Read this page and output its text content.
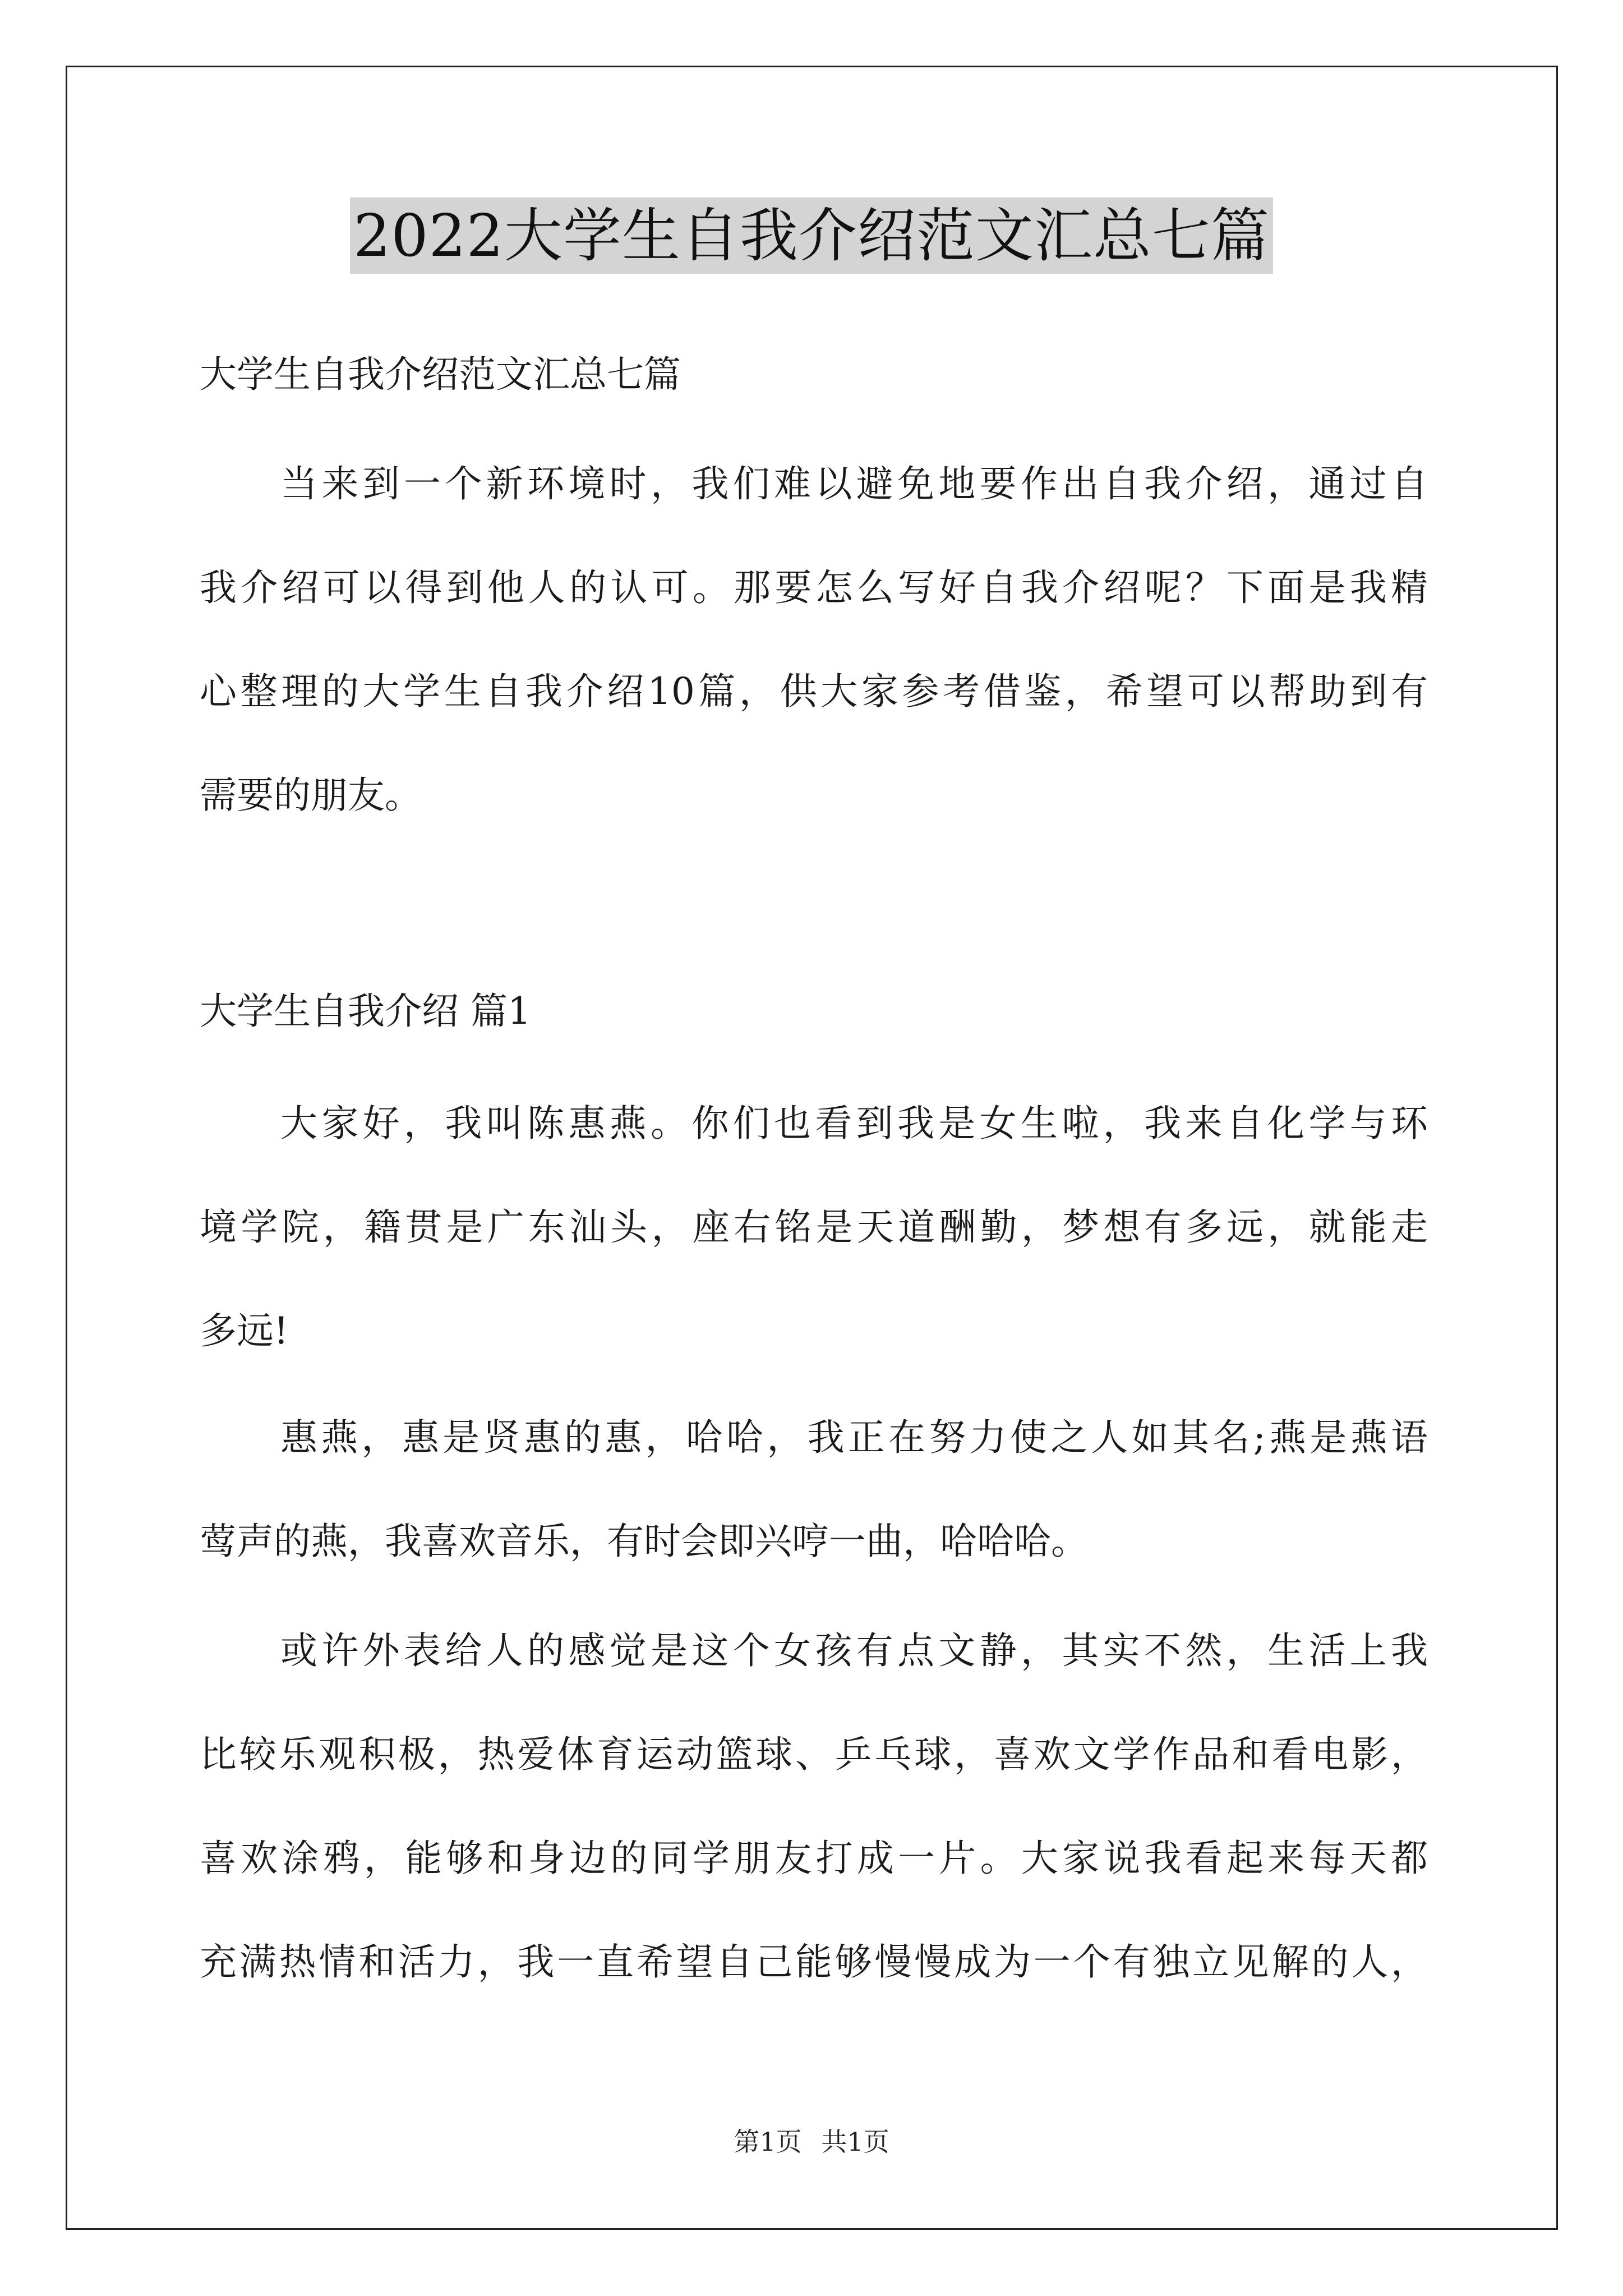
2022大学生自我介绍范文汇总七篇
大学生自我介绍范文汇总七篇
当来到一个新环境时，我们难以避免地要作出自我介绍，通过自
我介绍可以得到他人的认可。那要怎么写好自我介绍呢？下面是我精
心整理的大学生自我介绍10篇，供大家参考借鉴，希望可以帮助到有
需要的朋友。
大学生自我介绍 篇1
大家好，我叫陈惠燕。你们也看到我是女生啦，我来自化学与环
境学院，籍贯是广东汕头，座右铭是天道酬勤，梦想有多远，就能走
多远!
惠燕，惠是贤惠的惠，哈哈，我正在努力使之人如其名;燕是燕语
莺声的燕，我喜欢音乐，有时会即兴哼一曲，哈哈哈。
或许外表给人的感觉是这个女孩有点文静，其实不然，生活上我
比较乐观积极，热爱体育运动篮球、乒乓球，喜欢文学作品和看电影，
喜欢涂鸦，能够和身边的同学朋友打成一片。大家说我看起来每天都
充满热情和活力，我一直希望自己能够慢慢成为一个有独立见解的人，
第1页 共1页
